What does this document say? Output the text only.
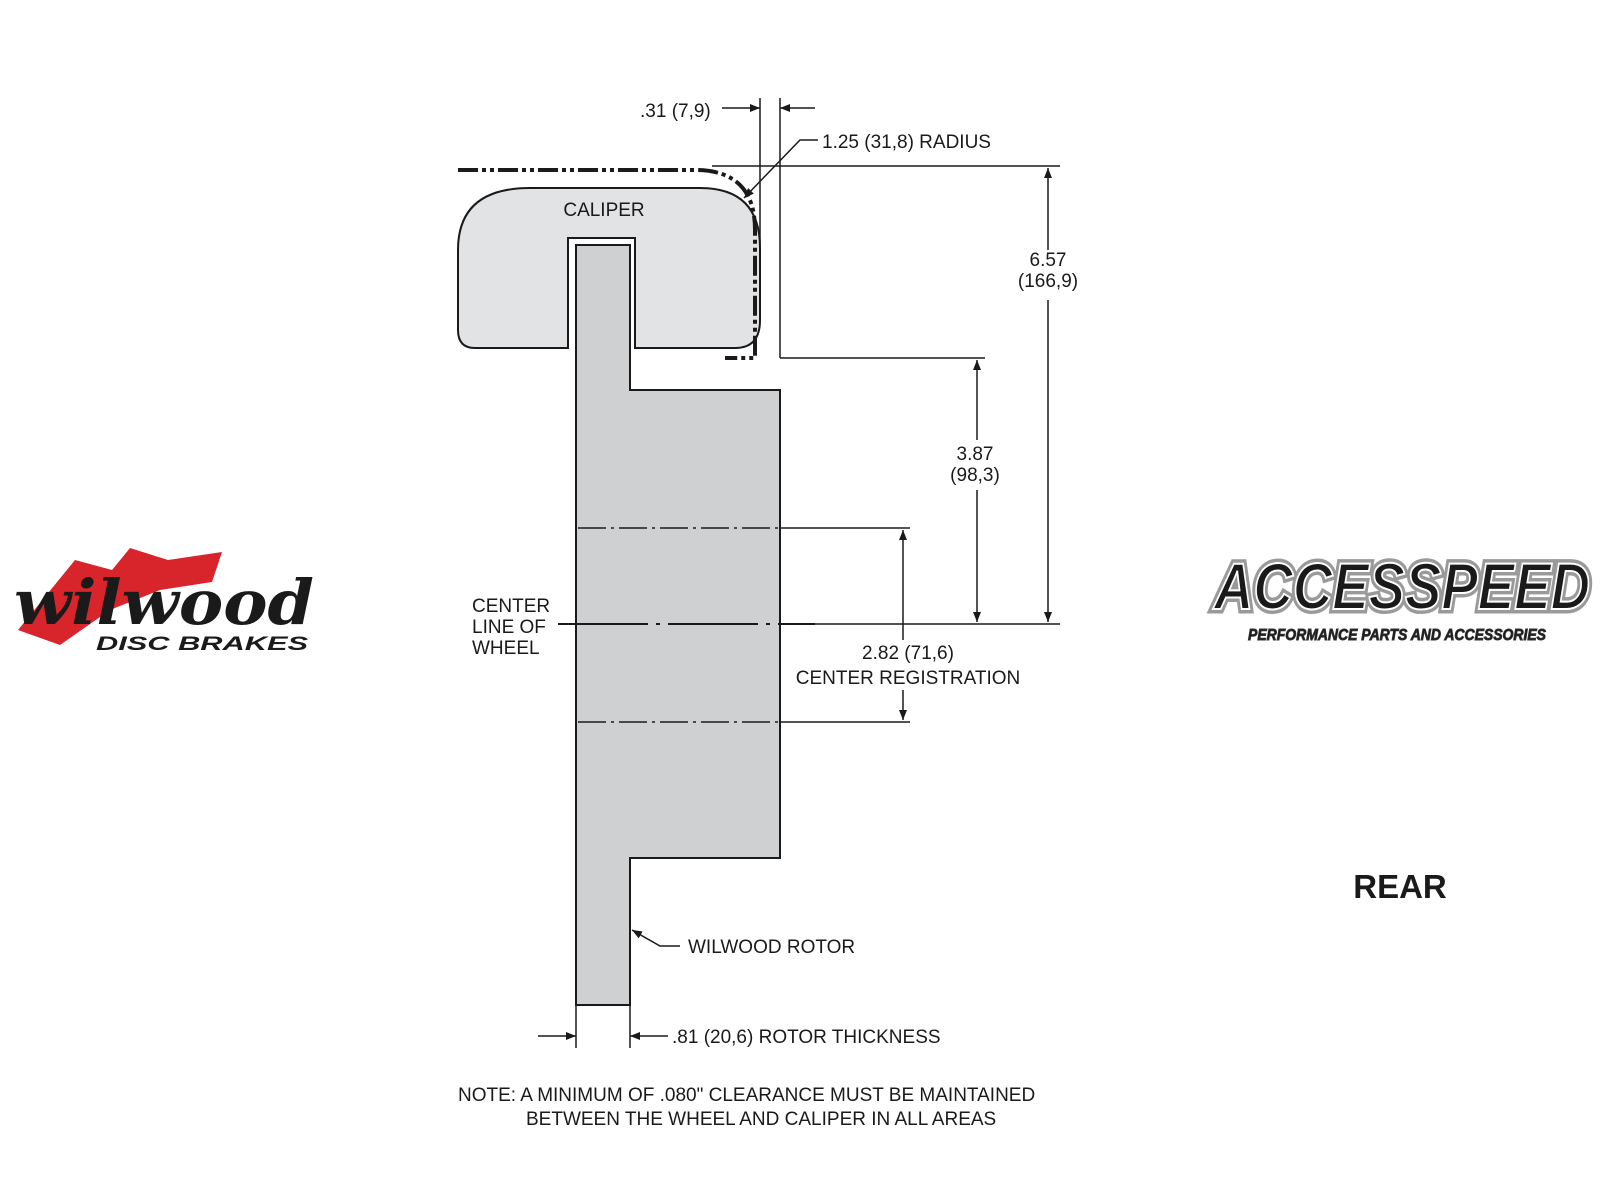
.31 (7,9)
1.25 (31,8) RADIUS
6.57
(166,9)
3.87
(98,3)
2.82 (71,6)
CENTER REGISTRATION
CENTER
LINE OF
WHEEL
CALIPER
WILWOOD ROTOR
.81 (20,6) ROTOR THICKNESS
NOTE: A MINIMUM OF .080" CLEARANCE MUST BE MAINTAINED
BETWEEN THE WHEEL AND CALIPER IN ALL AREAS
REAR
wilwood
DISC BRAKES
ACCESSPEED
ACCESSPEED
PERFORMANCE PARTS AND ACCESSORIES
